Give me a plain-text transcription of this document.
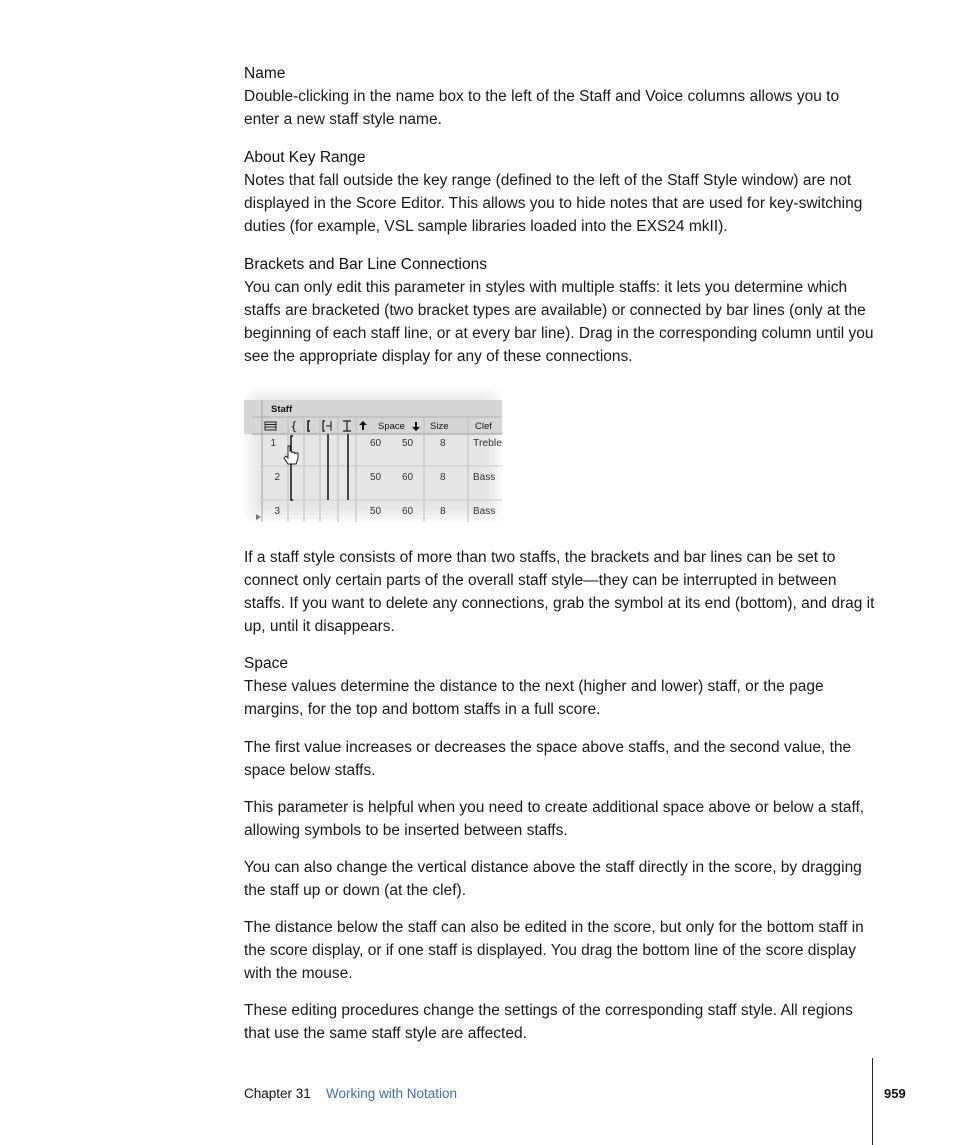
Name

Double-clicking in the name box to the left of the Staff and Voice columns allows you to enter a new staff style name.

About Key Range

Notes that fall outside the key range (defined to the left of the Staff Style window) are not displayed in the Score Editor. This allows you to hide notes that are used for key-switching duties (for example, VSL sample libraries loaded into the EXS24 mkII).

Brackets and Bar Line Connections

You can only edit this parameter in styles with multiple staffs: it lets you determine which staffs are bracketed (two bracket types are available) or connected by bar lines (only at the beginning of each staff line, or at every bar line). Drag in the corresponding column until you see the appropriate display for any of these connections.

{
Staff
Space	Size	Clef
1	60 50	8	Treble
2	50 60	8	Bass
3	50 60	8	Bass

If a staff style consists of more than two staffs, the brackets and bar lines can be set to connect only certain parts of the overall staff style—they can be interrupted in between staffs. If you want to delete any connections, grab the symbol at its end (bottom), and drag it up, until it disappears.

Space

These values determine the distance to the next (higher and lower) staff, or the page margins, for the top and bottom staffs in a full score.

The first value increases or decreases the space above staffs, and the second value, the space below staffs.

This parameter is helpful when you need to create additional space above or below a staff, allowing symbols to be inserted between staffs.

You can also change the vertical distance above the staff directly in the score, by dragging the staff up or down (at the clef).

The distance below the staff can also be edited in the score, but only for the bottom staff in the score display, or if one staff is displayed. You drag the bottom line of the score display with the mouse.

These editing procedures change the settings of the corresponding staff style. All regions that use the same staff style are affected.

Chapter 31 Working with Notation	959
